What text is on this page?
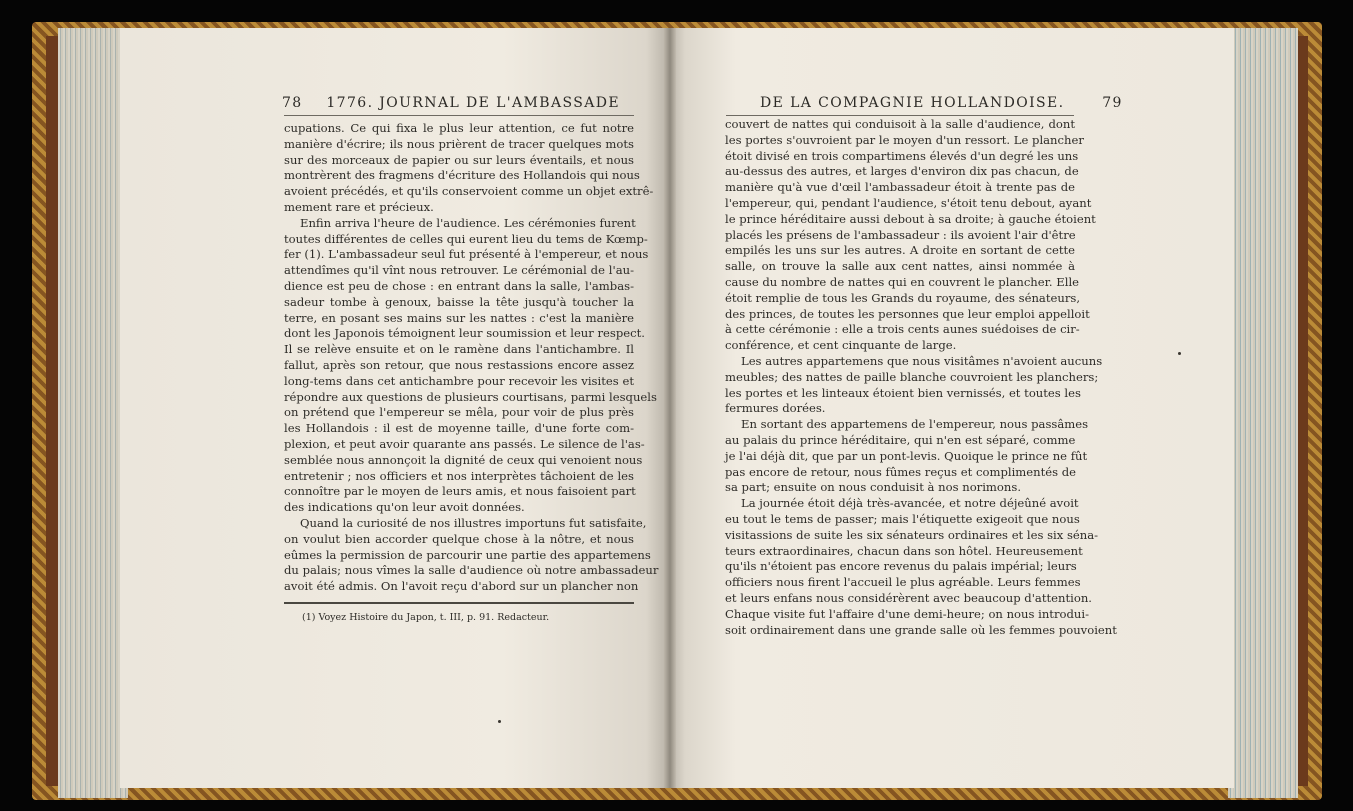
78 1776. JOURNAL DE L'AMBASSADE
cupations. Ce qui fixa le plus leur attention, ce fut notre
manière d'écrire; ils nous prièrent de tracer quelques mots
sur des morceaux de papier ou sur leurs éventails, et nous
montrèrent des fragmens d'écriture des Hollandois qui nous
avoient précédés, et qu'ils conservoient comme un objet extrê-
mement rare et précieux.
Enfin arriva l'heure de l'audience. Les cérémonies furent
toutes différentes de celles qui eurent lieu du tems de Kœmp-
fer (1). L'ambassadeur seul fut présenté à l'empereur, et nous
attendîmes qu'il vînt nous retrouver. Le cérémonial de l'au-
dience est peu de chose : en entrant dans la salle, l'ambas-
sadeur tombe à genoux, baisse la tête jusqu'à toucher la
terre, en posant ses mains sur les nattes : c'est la manière
dont les Japonois témoignent leur soumission et leur respect.
Il se relève ensuite et on le ramène dans l'antichambre. Il
fallut, après son retour, que nous restassions encore assez
long-tems dans cet antichambre pour recevoir les visites et
répondre aux questions de plusieurs courtisans, parmi lesquels
on prétend que l'empereur se mêla, pour voir de plus près
les Hollandois : il est de moyenne taille, d'une forte com-
plexion, et peut avoir quarante ans passés. Le silence de l'as-
semblée nous annonçoit la dignité de ceux qui venoient nous
entretenir ; nos officiers et nos interprètes tâchoient de les
connoître par le moyen de leurs amis, et nous faisoient part
des indications qu'on leur avoit données.
Quand la curiosité de nos illustres importuns fut satisfaite,
on voulut bien accorder quelque chose à la nôtre, et nous
eûmes la permission de parcourir une partie des appartemens
du palais; nous vîmes la salle d'audience où notre ambassadeur
avoit été admis. On l'avoit reçu d'abord sur un plancher non
(1) Voyez Histoire du Japon, t. III, p. 91. Redacteur.
DE LA COMPAGNIE HOLLANDOISE.	79
couvert de nattes qui conduisoit à la salle d'audience, dont
les portes s'ouvroient par le moyen d'un ressort. Le plancher
étoit divisé en trois compartimens élevés d'un degré les uns
au-dessus des autres, et larges d'environ dix pas chacun, de
manière qu'à vue d'œil l'ambassadeur étoit à trente pas de
l'empereur, qui, pendant l'audience, s'étoit tenu debout, ayant
le prince héréditaire aussi debout à sa droite; à gauche étoient
placés les présens de l'ambassadeur : ils avoient l'air d'être
empilés les uns sur les autres. A droite en sortant de cette
salle, on trouve la salle aux cent nattes, ainsi nommée à
cause du nombre de nattes qui en couvrent le plancher. Elle
étoit remplie de tous les Grands du royaume, des sénateurs,
des princes, de toutes les personnes que leur emploi appelloit
à cette cérémonie : elle a trois cents aunes suédoises de cir-
conférence, et cent cinquante de large.
Les autres appartemens que nous visitâmes n'avoient aucuns
meubles; des nattes de paille blanche couvroient les planchers;
les portes et les linteaux étoient bien vernissés, et toutes les
fermures dorées.
En sortant des appartemens de l'empereur, nous passâmes
au palais du prince héréditaire, qui n'en est séparé, comme
je l'ai déjà dit, que par un pont-levis. Quoique le prince ne fût
pas encore de retour, nous fûmes reçus et complimentés de
sa part; ensuite on nous conduisit à nos norimons.
La journée étoit déjà très-avancée, et notre déjeûné avoit
eu tout le tems de passer; mais l'étiquette exigeoit que nous
visitassions de suite les six sénateurs ordinaires et les six séna-
teurs extraordinaires, chacun dans son hôtel. Heureusement
qu'ils n'étoient pas encore revenus du palais impérial; leurs
officiers nous firent l'accueil le plus agréable. Leurs femmes
et leurs enfans nous considérèrent avec beaucoup d'attention.
Chaque visite fut l'affaire d'une demi-heure; on nous introdui-
soit ordinairement dans une grande salle où les femmes pouvoient
